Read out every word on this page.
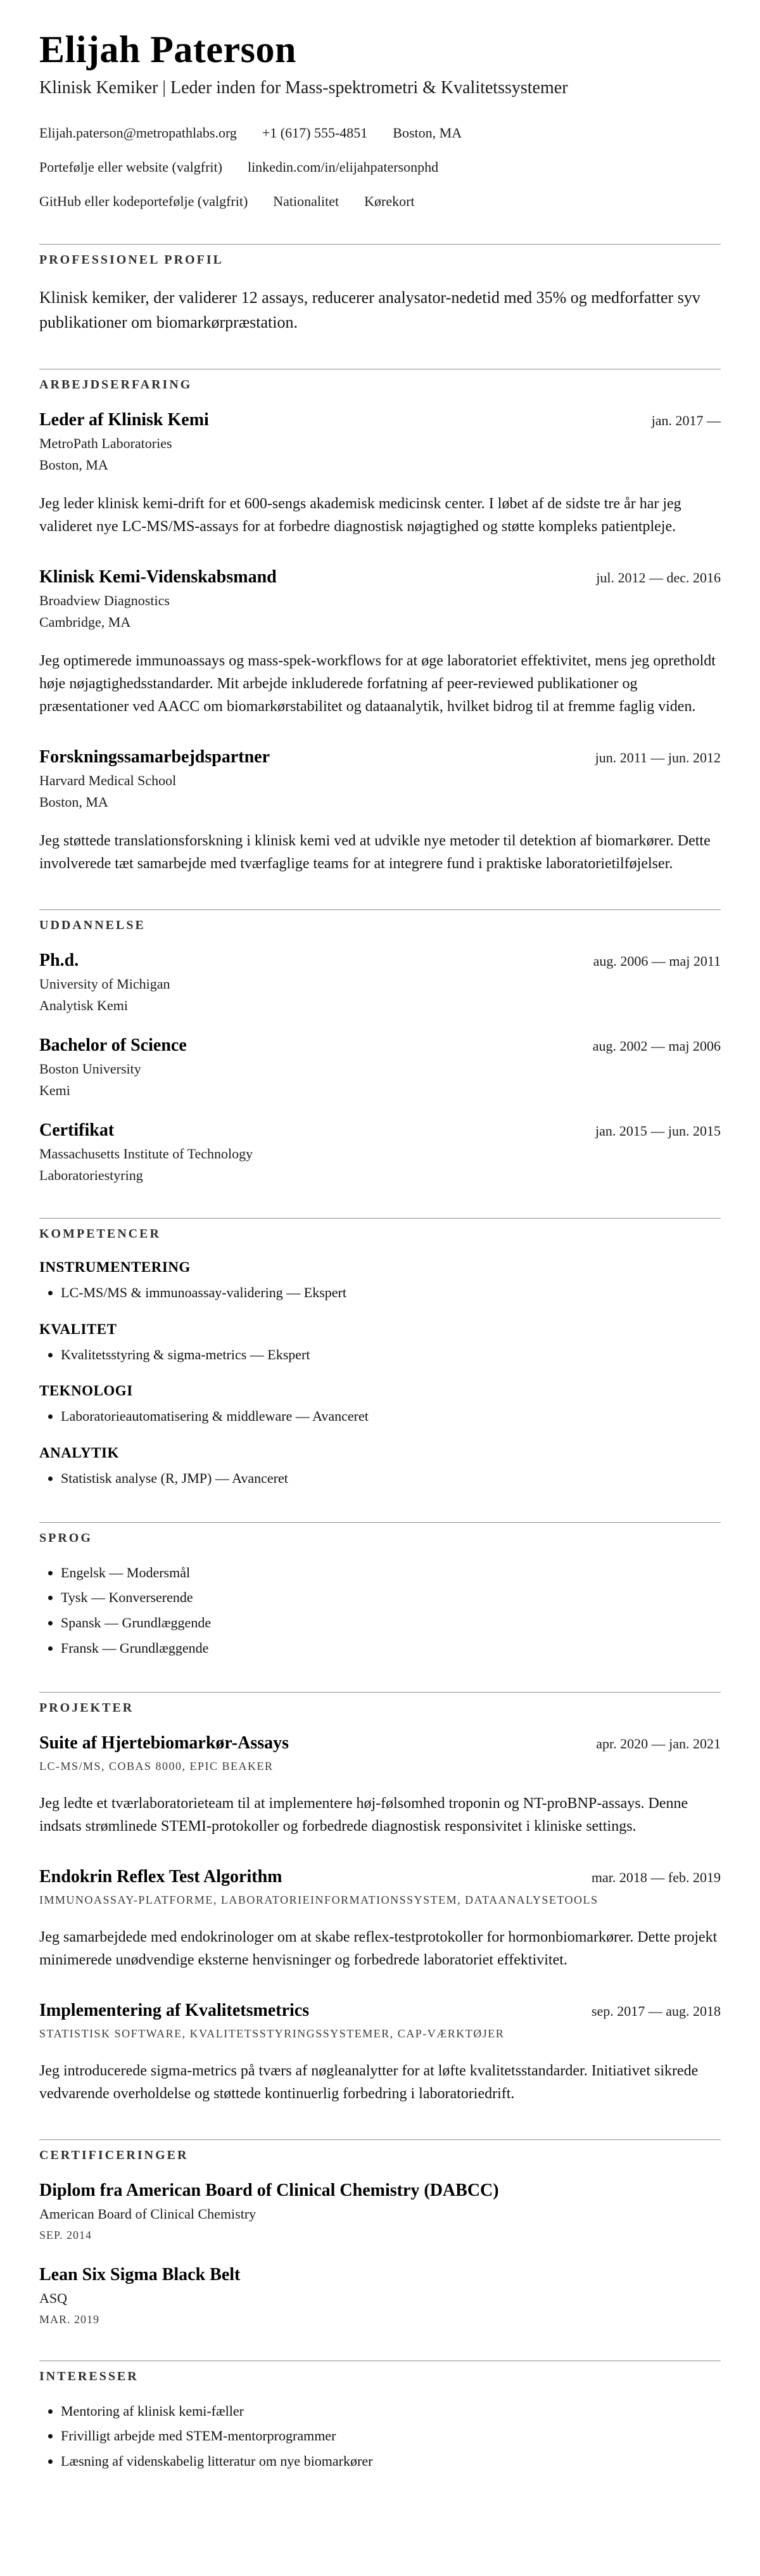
Elijah Paterson

Klinisk Kemiker | Leder inden for Mass-spektrometri & Kvalitetssystemer

Elijah.paterson@metropathlabs.org +1 (617) 555-4851 Boston, MA
Portefølje eller website (valgfrit) linkedin.com/in/elijahpatersonphd
GitHub eller kodeportefølje (valgfrit) Nationalitet Kørekort
PROFESSIONEL PROFIL

Klinisk kemiker, der validerer 12 assays, reducerer analysator-nedetid med 35% og medforfatter syv publikationer om biomarkørpræstation.

ARBEJDSERFARING
Leder af Klinisk Kemi	jan. 2017 —
MetroPath Laboratories
Boston, MA

Jeg leder klinisk kemi-drift for et 600-sengs akademisk medicinsk center. I løbet af de sidste tre år har jeg valideret nye LC-MS/MS-assays for at forbedre diagnostisk nøjagtighed og støtte kompleks patientpleje.

Klinisk Kemi-Videnskabsmand	jul. 2012 — dec. 2016
Broadview Diagnostics
Cambridge, MA

Jeg optimerede immunoassays og mass-spek-workflows for at øge laboratoriet effektivitet, mens jeg opretholdt høje nøjagtighedsstandarder. Mit arbejde inkluderede forfatning af peer-reviewed publikationer og præsentationer ved AACC om biomarkørstabilitet og dataanalytik, hvilket bidrog til at fremme faglig viden.

Forskningssamarbejdspartner	jun. 2011 — jun. 2012
Harvard Medical School
Boston, MA

Jeg støttede translationsforskning i klinisk kemi ved at udvikle nye metoder til detektion af biomarkører. Dette involverede tæt samarbejde med tværfaglige teams for at integrere fund i praktiske laboratorietilføjelser.

UDDANNELSE
Ph.d.	aug. 2006 — maj 2011
University of Michigan
Analytisk Kemi
Bachelor of Science	aug. 2002 — maj 2006
Boston University
Kemi
Certifikat	jan. 2015 — jun. 2015
Massachusetts Institute of Technology
Laboratoriestyring
KOMPETENCER
INSTRUMENTERING
• LC-MS/MS & immunoassay-validering — Ekspert
KVALITET
• Kvalitetsstyring & sigma-metrics — Ekspert
TEKNOLOGI
• Laboratorieautomatisering & middleware — Avanceret
ANALYTIK
• Statistisk analyse (R, JMP) — Avanceret
SPROG
• Engelsk — Modersmål
• Tysk — Konverserende
• Spansk — Grundlæggende
• Fransk — Grundlæggende
PROJEKTER
Suite af Hjertebiomarkør-Assays	apr. 2020 — jan. 2021
LC-MS/MS, COBAS 8000, EPIC BEAKER

Jeg ledte et tværlaboratorieteam til at implementere høj-følsomhed troponin og NT-proBNP-assays. Denne indsats strømlinede STEMI-protokoller og forbedrede diagnostisk responsivitet i kliniske settings.

Endokrin Reflex Test Algorithm	mar. 2018 — feb. 2019
IMMUNOASSAY-PLATFORME, LABORATORIEINFORMATIONSSYSTEM, DATAANALYSETOOLS

Jeg samarbejdede med endokrinologer om at skabe reflex-testprotokoller for hormonbiomarkører. Dette projekt minimerede unødvendige eksterne henvisninger og forbedrede laboratoriet effektivitet.

Implementering af Kvalitetsmetrics	sep. 2017 — aug. 2018
STATISTISK SOFTWARE, KVALITETSSTYRINGSSYSTEMER, CAP-VÆRKTØJER

Jeg introducerede sigma-metrics på tværs af nøgleanalytter for at løfte kvalitetsstandarder. Initiativet sikrede vedvarende overholdelse og støttede kontinuerlig forbedring i laboratoriedrift.

CERTIFICERINGER
Diplom fra American Board of Clinical Chemistry (DABCC)
American Board of Clinical Chemistry
SEP. 2014
Lean Six Sigma Black Belt
ASQ
MAR. 2019
INTERESSER
• Mentoring af klinisk kemi-fæller
• Frivilligt arbejde med STEM-mentorprogrammer
• Læsning af videnskabelig litteratur om nye biomarkører
